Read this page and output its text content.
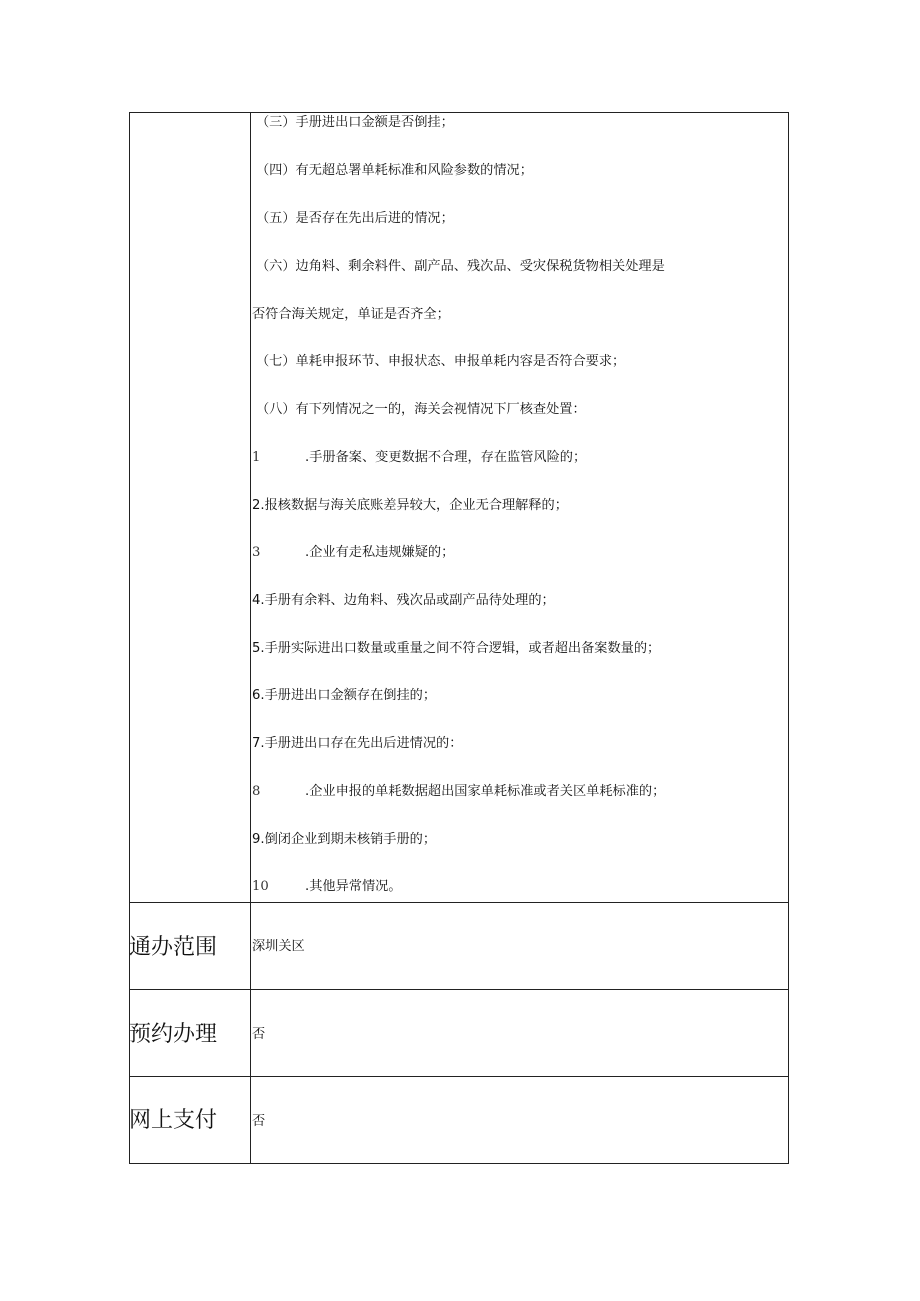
（三）手册进出口金额是否倒挂；
（四）有无超总署单耗标准和风险参数的情况；
（五）是否存在先出后进的情况；
（六）边角料、剩余料件、副产品、残次品、受灾保税货物相关处理是
否符合海关规定，单证是否齐全；
（七）单耗申报环节、申报状态、申报单耗内容是否符合要求；
（八）有下列情况之一的，海关会视情况下厂核查处置：
1	.手册备案、变更数据不合理，存在监管风险的；
2.报核数据与海关底账差异较大，企业无合理解释的；
3	.企业有走私违规嫌疑的；
4.手册有余料、边角料、残次品或副产品待处理的；
5.手册实际进出口数量或重量之间不符合逻辑，或者超出备案数量的；
6.手册进出口金额存在倒挂的；
7.手册进出口存在先出后进情况的：
8	.企业申报的单耗数据超出国家单耗标准或者关区单耗标准的；
9.倒闭企业到期未核销手册的；
10	.其他异常情况。
通办范围	深圳关区
预约办理	否
网上支付	否
